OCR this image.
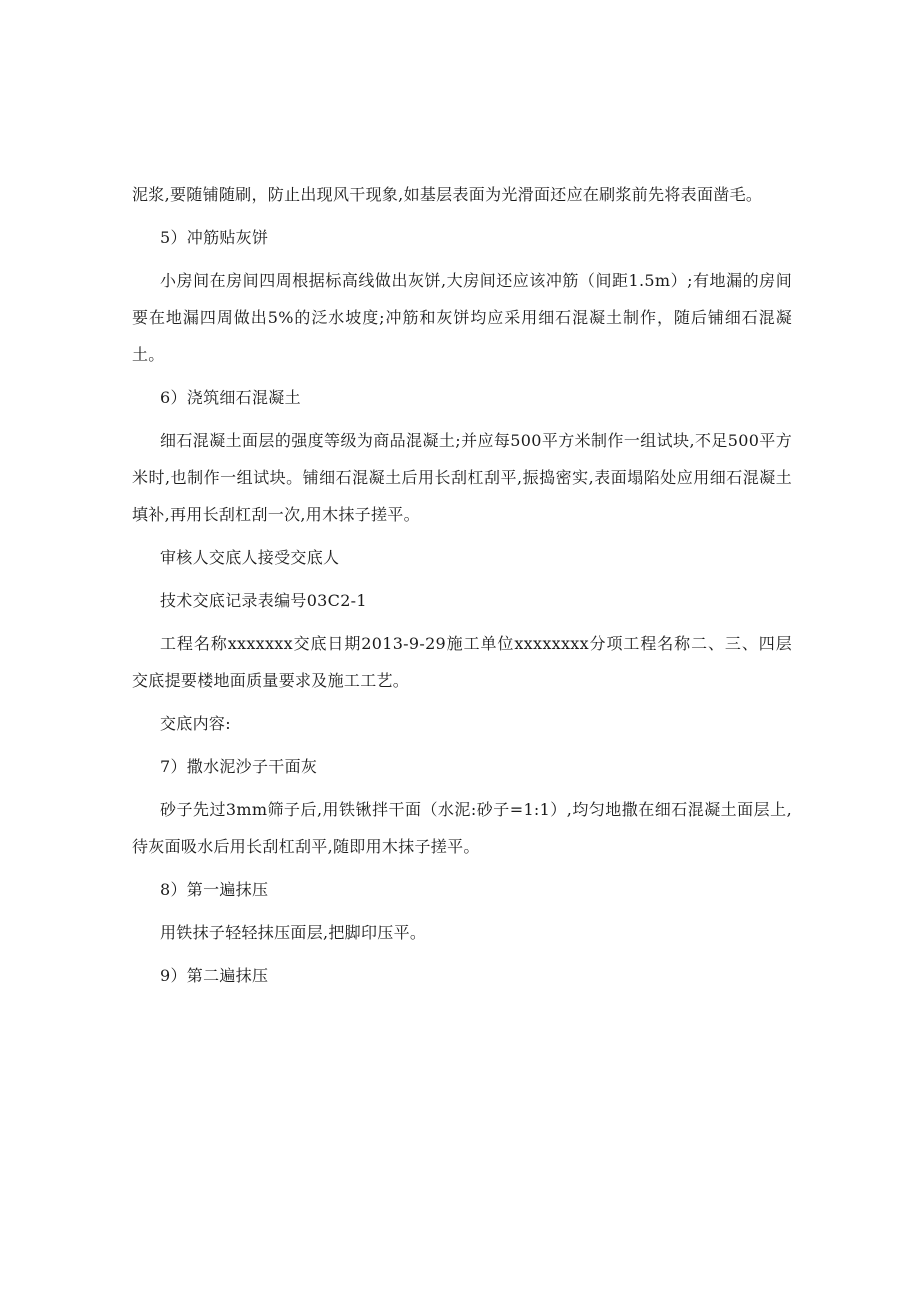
泥浆,要随铺随刷，防止出现风干现象,如基层表面为光滑面还应在刷浆前先将表面凿毛。

5）冲筋贴灰饼

小房间在房间四周根据标高线做出灰饼,大房间还应该冲筋（间距1.5m）;有地漏的房间要在地漏四周做出5%的泛水坡度;冲筋和灰饼均应采用细石混凝土制作，随后铺细石混凝土。

6）浇筑细石混凝土

细石混凝土面层的强度等级为商品混凝土;并应每500平方米制作一组试块,不足500平方米时,也制作一组试块。铺细石混凝土后用长刮杠刮平,振捣密实,表面塌陷处应用细石混凝土填补,再用长刮杠刮一次,用木抹子搓平。

审核人交底人接受交底人

技术交底记录表编号03C2-1

工程名称xxxxxxx交底日期2013-9-29施工单位xxxxxxxx分项工程名称二、三、四层交底提要楼地面质量要求及施工工艺。

交底内容:

7）撒水泥沙子干面灰

砂子先过3mm筛子后,用铁锹拌干面（水泥:砂子=1:1）,均匀地撒在细石混凝土面层上,待灰面吸水后用长刮杠刮平,随即用木抹子搓平。

8）第一遍抹压

用铁抹子轻轻抹压面层,把脚印压平。

9）第二遍抹压
